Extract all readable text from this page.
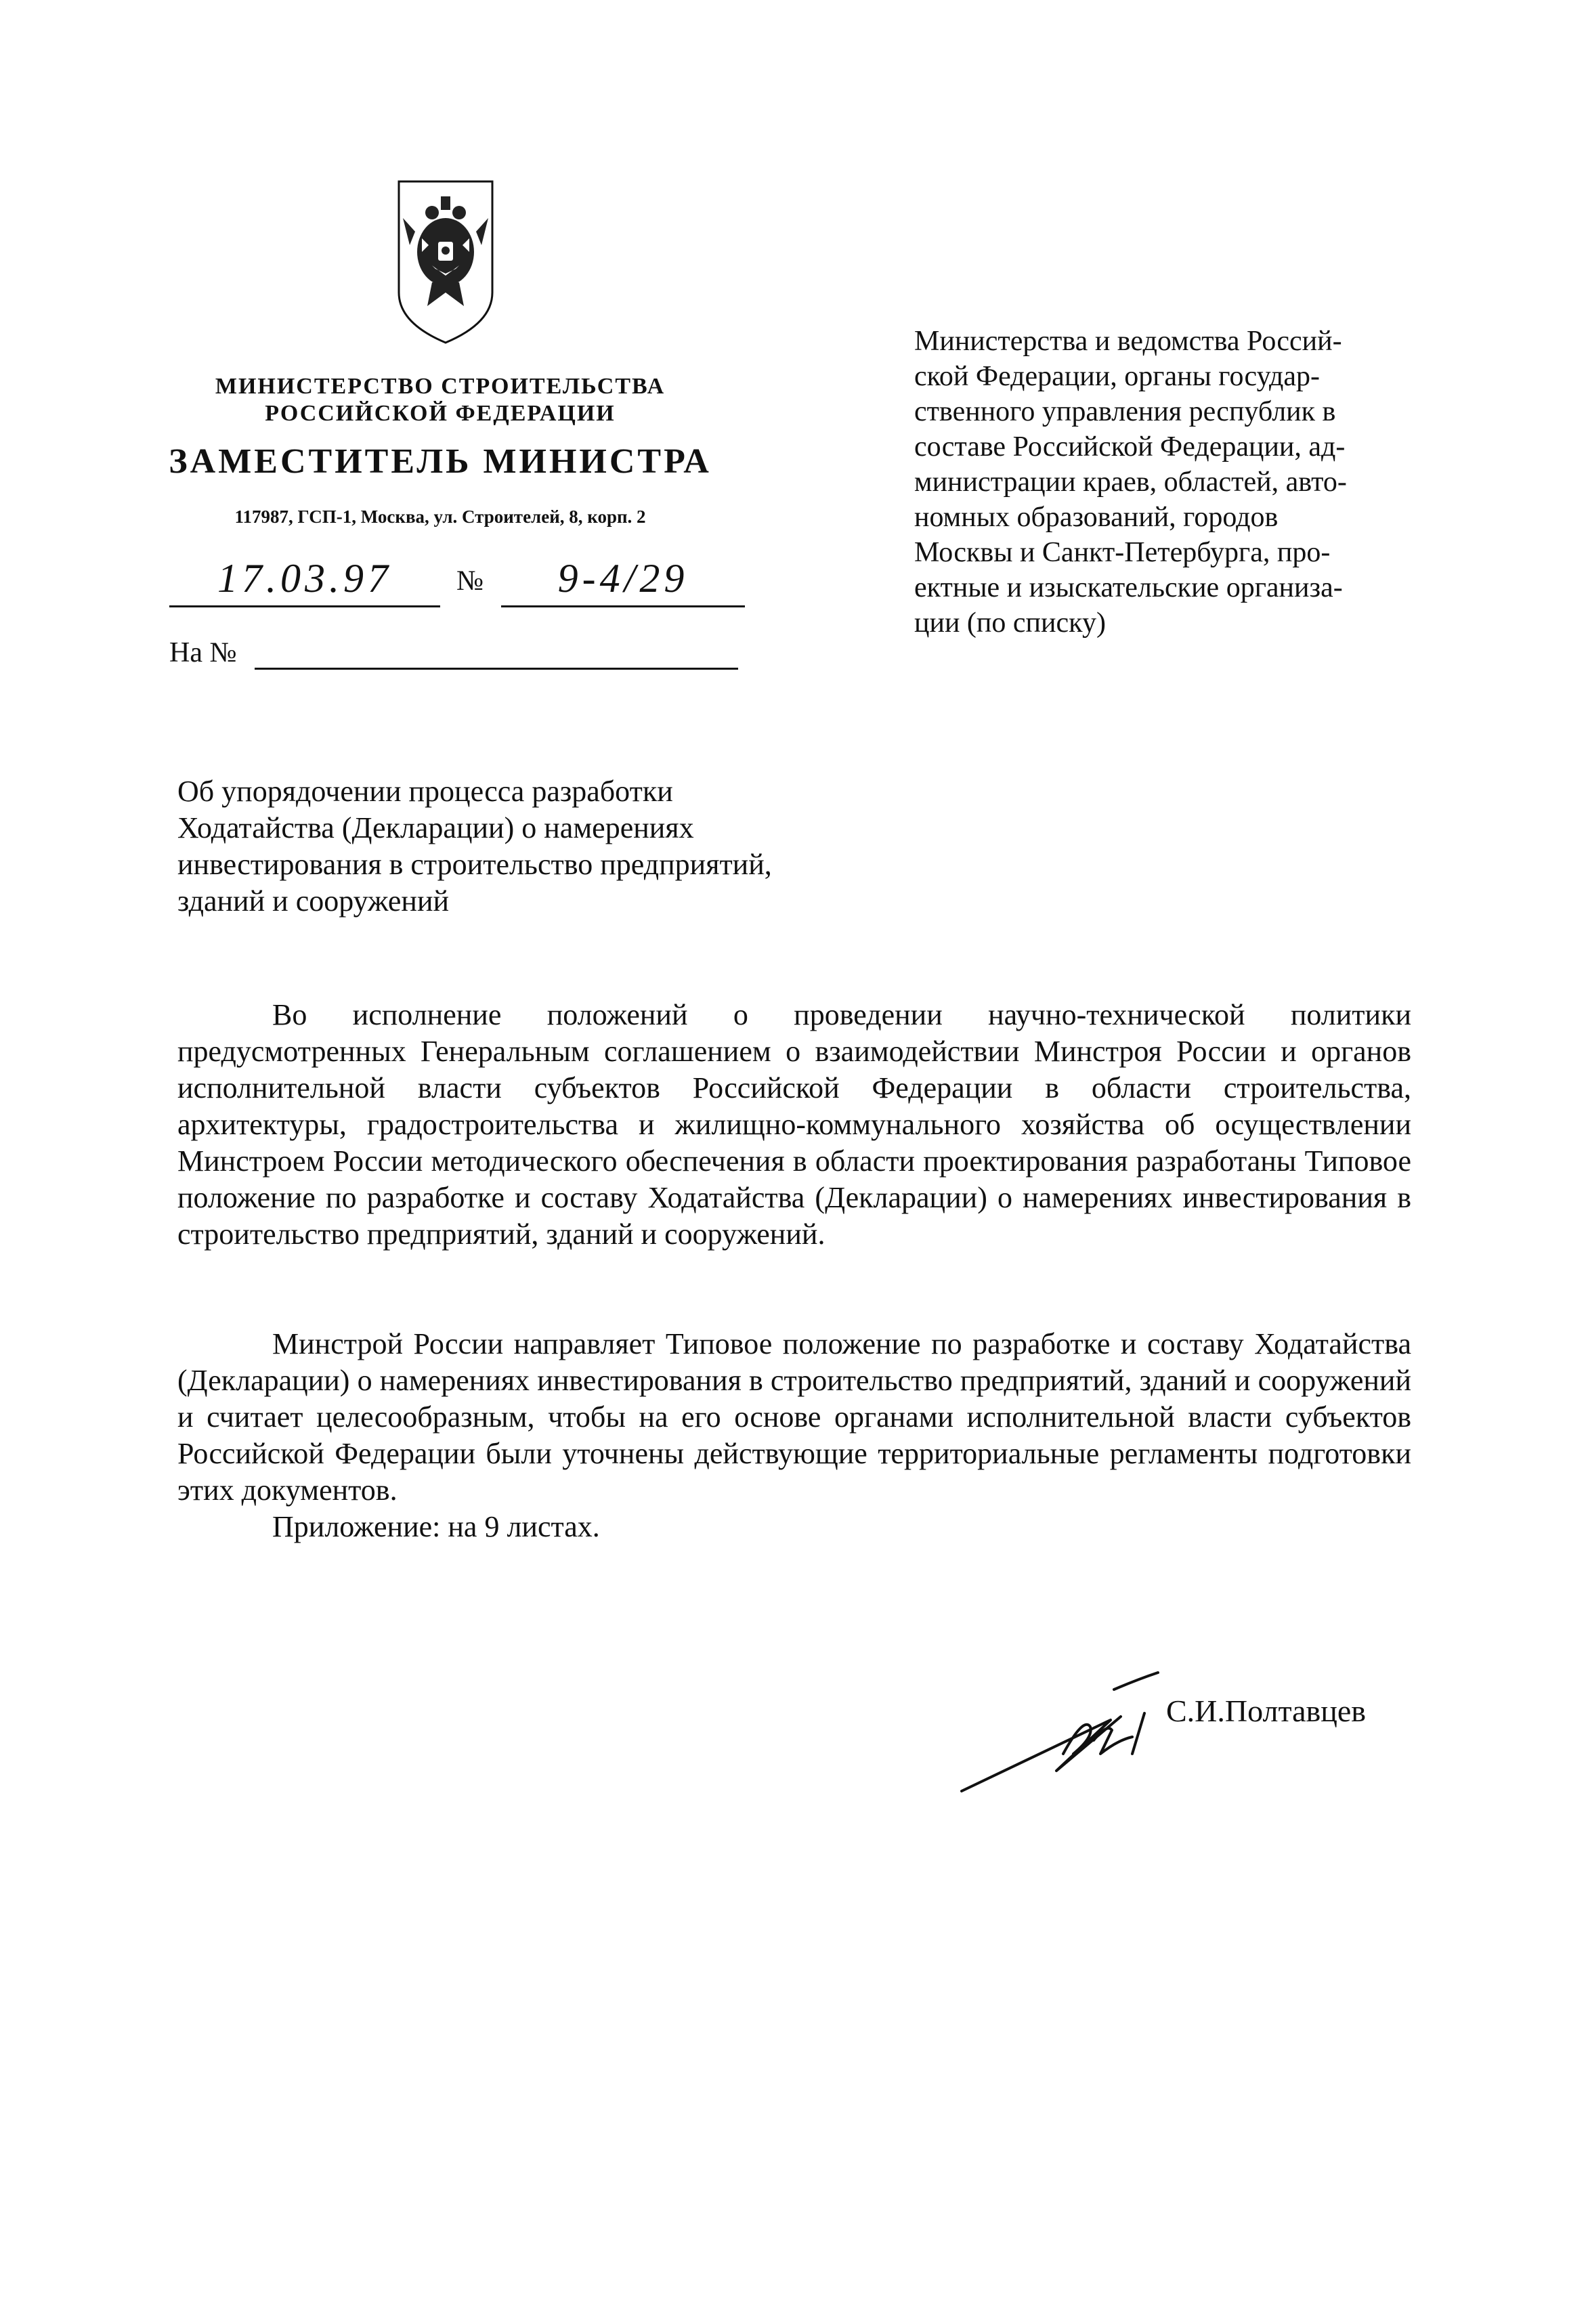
МИНИСТЕРСТВО СТРОИТЕЛЬСТВА
РОССИЙСКОЙ ФЕДЕРАЦИИ
ЗАМЕСТИТЕЛЬ МИНИСТРА
117987, ГСП-1, Москва, ул. Строителей, 8, корп. 2
17.03.97	№	9-4/29
На №
Министерства и ведомства Россий-
ской Федерации, органы государ-
ственного управления республик в
составе Российской Федерации, ад-
министрации краев, областей, авто-
номных образований, городов
Москвы и Санкт-Петербурга, про-
ектные и изыскательские организа-
ции (по списку)
Об упорядочении процесса разработки
Ходатайства (Декларации) о намерениях
инвестирования в строительство предприятий,
зданий и сооружений
Во исполнение положений о проведении научно-технической политики предусмотренных Генеральным соглашением о взаимодействии Минстроя России и органов исполнительной власти субъектов Российской Федерации в области строительства, архитектуры, градостроительства и жилищно-коммунального хозяйства об осуществлении Минстроем России методического обеспечения в области проектирования разработаны Типовое положение по разработке и составу Ходатайства (Декларации) о намерениях инвестирования в строительство предприятий, зданий и сооружений.
Минстрой России направляет Типовое положение по разработке и составу Ходатайства (Декларации) о намерениях инвестирования в строительство предприятий, зданий и сооружений и считает целесообразным, чтобы на его основе органами исполнительной власти субъектов Российской Федерации были уточнены действующие территориальные регламенты подготовки этих документов.
Приложение: на 9 листах.
С.И.Полтавцев
